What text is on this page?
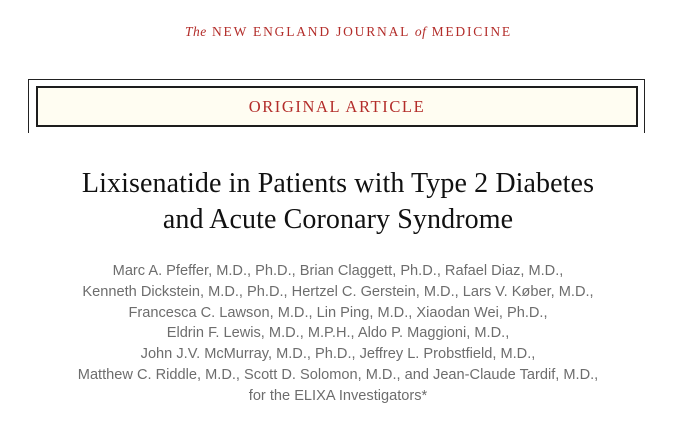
The NEW ENGLAND JOURNAL of MEDICINE
ORIGINAL ARTICLE
Lixisenatide in Patients with Type 2 Diabetes
and Acute Coronary Syndrome
Marc A. Pfeffer, M.D., Ph.D., Brian Claggett, Ph.D., Rafael Diaz, M.D.,
Kenneth Dickstein, M.D., Ph.D., Hertzel C. Gerstein, M.D., Lars V. Køber, M.D.,
Francesca C. Lawson, M.D., Lin Ping, M.D., Xiaodan Wei, Ph.D.,
Eldrin F. Lewis, M.D., M.P.H., Aldo P. Maggioni, M.D.,
John J.V. McMurray, M.D., Ph.D., Jeffrey L. Probstfield, M.D.,
Matthew C. Riddle, M.D., Scott D. Solomon, M.D., and Jean-Claude Tardif, M.D.,
for the ELIXA Investigators*
